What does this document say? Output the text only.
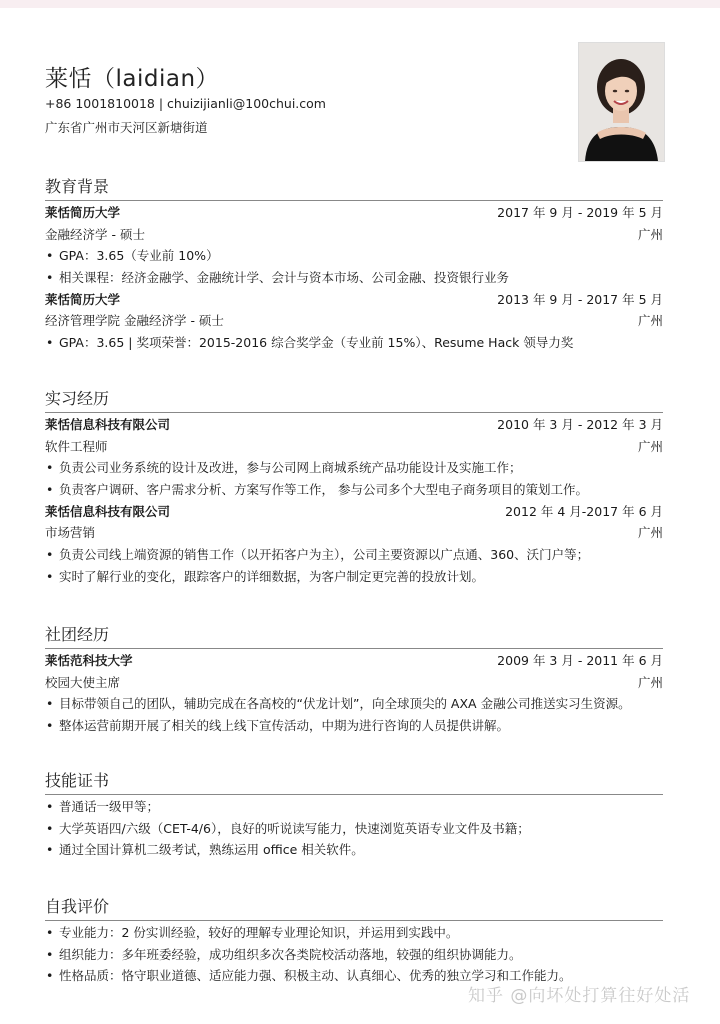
莱恬（laidian）
+86 1001810018 | chuizijianli@100chui.com
广东省广州市天河区新塘街道
教育背景
莱恬简历大学	2017 年 9 月 - 2019 年 5 月
金融经济学 - 硕士	广州
• GPA：3.65（专业前 10%）
• 相关课程：经济金融学、金融统计学、会计与资本市场、公司金融、投资银行业务
莱恬简历大学	2013 年 9 月 - 2017 年 5 月
经济管理学院 金融经济学 - 硕士	广州
• GPA：3.65 | 奖项荣誉：2015-2016 综合奖学金（专业前 15%）、Resume Hack 领导力奖
实习经历
莱恬信息科技有限公司	2010 年 3 月 - 2012 年 3 月
软件工程师	广州
• 负责公司业务系统的设计及改进，参与公司网上商城系统产品功能设计及实施工作；
• 负责客户调研、客户需求分析、方案写作等工作， 参与公司多个大型电子商务项目的策划工作。
莱恬信息科技有限公司	2012 年 4 月-2017 年 6 月
市场营销	广州
• 负责公司线上端资源的销售工作（以开拓客户为主），公司主要资源以广点通、360、沃门户等；
• 实时了解行业的变化，跟踪客户的详细数据，为客户制定更完善的投放计划。
社团经历
莱恬范科技大学	2009 年 3 月 - 2011 年 6 月
校园大使主席	广州
• 目标带领自己的团队，辅助完成在各高校的“伏龙计划”，向全球顶尖的 AXA 金融公司推送实习生资源。
• 整体运营前期开展了相关的线上线下宣传活动，中期为进行咨询的人员提供讲解。
技能证书
• 普通话一级甲等；
• 大学英语四/六级（CET-4/6），良好的听说读写能力，快速浏览英语专业文件及书籍；
• 通过全国计算机二级考试，熟练运用 office 相关软件。
自我评价
• 专业能力：2 份实训经验，较好的理解专业理论知识，并运用到实践中。
• 组织能力：多年班委经验，成功组织多次各类院校活动落地，较强的组织协调能力。
• 性格品质：恪守职业道德、适应能力强、积极主动、认真细心、优秀的独立学习和工作能力。
知乎 @向坏处打算往好处活
